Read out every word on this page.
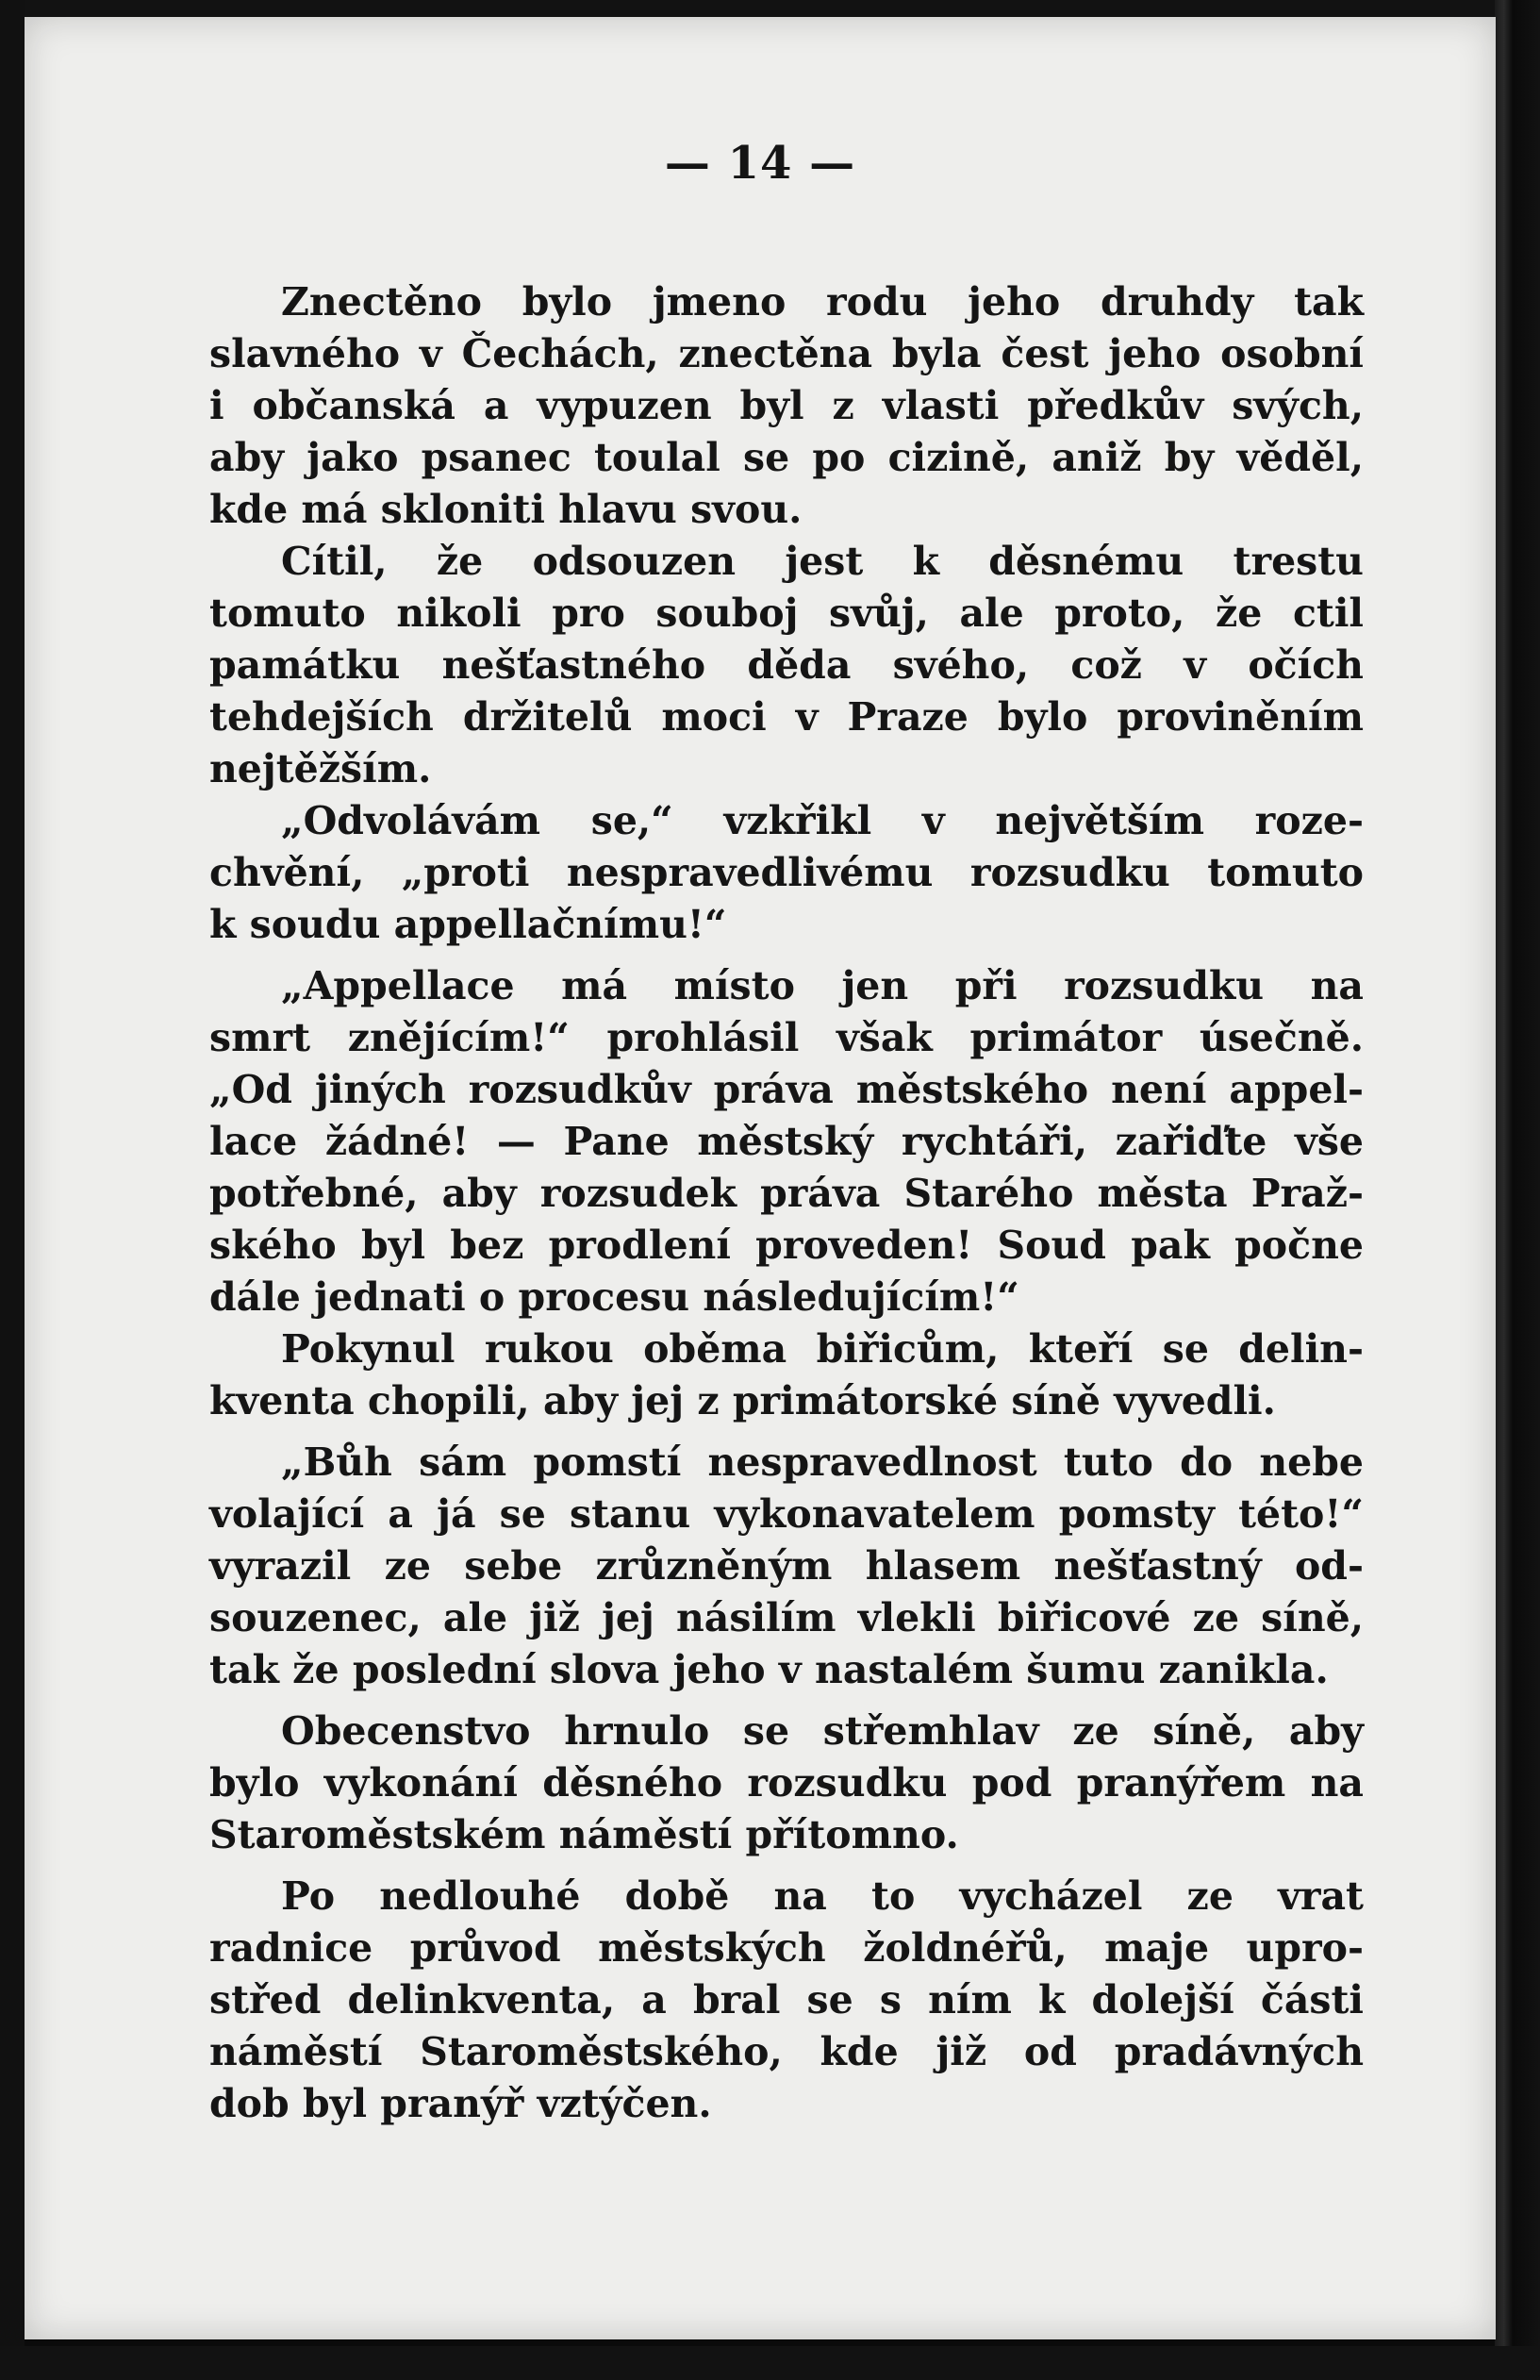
— 14 —
Znectěno bylo jmeno rodu jeho druhdy tak
slavného v Čechách, znectěna byla čest jeho osobní
i občanská a vypuzen byl z vlasti předkův svých,
aby jako psanec toulal se po cizině, aniž by věděl,
kde má skloniti hlavu svou.
Cítil, že odsouzen jest k děsnému trestu
tomuto nikoli pro souboj svůj, ale proto, že ctil
památku nešťastného děda svého, což v očích
tehdejších držitelů moci v Praze bylo proviněním
nejtěžším.
„Odvolávám se,“ vzkřikl v největším roze-
chvění, „proti nespravedlivému rozsudku tomuto
k soudu appellačnímu!“
„Appellace má místo jen při rozsudku na
smrt znějícím!“ prohlásil však primátor úsečně.
„Od jiných rozsudkův práva městského není appel-
lace žádné! — Pane městský rychtáři, zařiďte vše
potřebné, aby rozsudek práva Starého města Praž-
ského byl bez prodlení proveden! Soud pak počne
dále jednati o procesu následujícím!“
Pokynul rukou oběma biřicům, kteří se delin-
kventa chopili, aby jej z primátorské síně vyvedli.
„Bůh sám pomstí nespravedlnost tuto do nebe
volající a já se stanu vykonavatelem pomsty této!“
vyrazil ze sebe zrůzněným hlasem nešťastný od-
souzenec, ale již jej násilím vlekli biřicové ze síně,
tak že poslední slova jeho v nastalém šumu zanikla.
Obecenstvo hrnulo se střemhlav ze síně, aby
bylo vykonání děsného rozsudku pod pranýřem na
Staroměstském náměstí přítomno.
Po nedlouhé době na to vycházel ze vrat
radnice průvod městských žoldnéřů, maje upro-
střed delinkventa, a bral se s ním k dolejší části
náměstí Staroměstského, kde již od pradávných
dob byl pranýř vztýčen.
